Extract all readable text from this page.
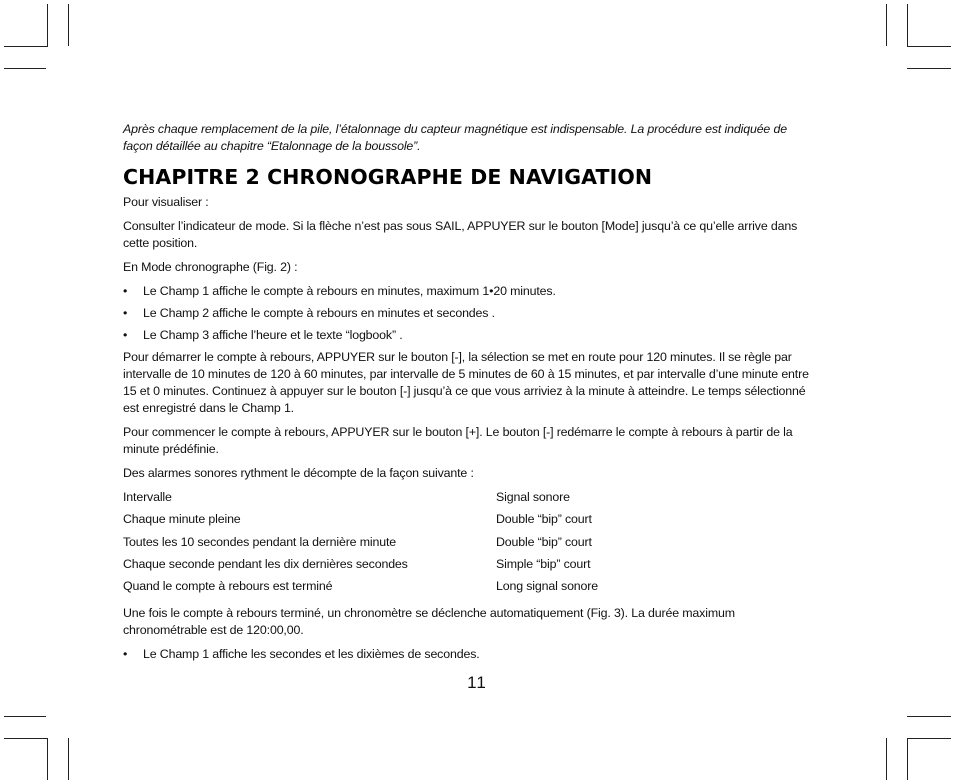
Après chaque remplacement de la pile, l’étalonnage du capteur magnétique est indispensable. La procédure est indiquée de façon détaillée au chapitre “Etalonnage de la boussole”.

CHAPITRE 2 CHRONOGRAPHE DE NAVIGATION

Pour visualiser :

Consulter l’indicateur de mode. Si la flèche n’est pas sous SAIL, APPUYER sur le bouton [Mode] jusqu’à ce qu’elle arrive dans cette position.

En Mode chronographe (Fig. 2) :

• Le Champ 1 affiche le compte à rebours en minutes, maximum 1•20 minutes.
• Le Champ 2 affiche le compte à rebours en minutes et secondes .
• Le Champ 3 affiche l’heure et le texte “logbook” .

Pour démarrer le compte à rebours, APPUYER sur le bouton [-], la sélection se met en route pour 120 minutes. Il se règle par intervalle de 10 minutes de 120 à 60 minutes, par intervalle de 5 minutes de 60 à 15 minutes, et par intervalle d’une minute entre 15 et 0 minutes. Continuez à appuyer sur le bouton [-] jusqu’à ce que vous arriviez à la minute à atteindre. Le temps sélectionné est enregistré dans le Champ 1.

Pour commencer le compte à rebours, APPUYER sur le bouton [+]. Le bouton [-] redémarre le compte à rebours à partir de la minute prédéfinie.

Des alarmes sonores rythment le décompte de la façon suivante :

Intervalle	Signal sonore
Chaque minute pleine	Double “bip” court
Toutes les 10 secondes pendant la dernière minute	Double “bip” court
Chaque seconde pendant les dix dernières secondes	Simple “bip” court
Quand le compte à rebours est terminé	Long signal sonore

Une fois le compte à rebours terminé, un chronomètre se déclenche automatiquement (Fig. 3). La durée maximum chronométrable est de 120:00,00.

• Le Champ 1 affiche les secondes et les dixièmes de secondes.
11
